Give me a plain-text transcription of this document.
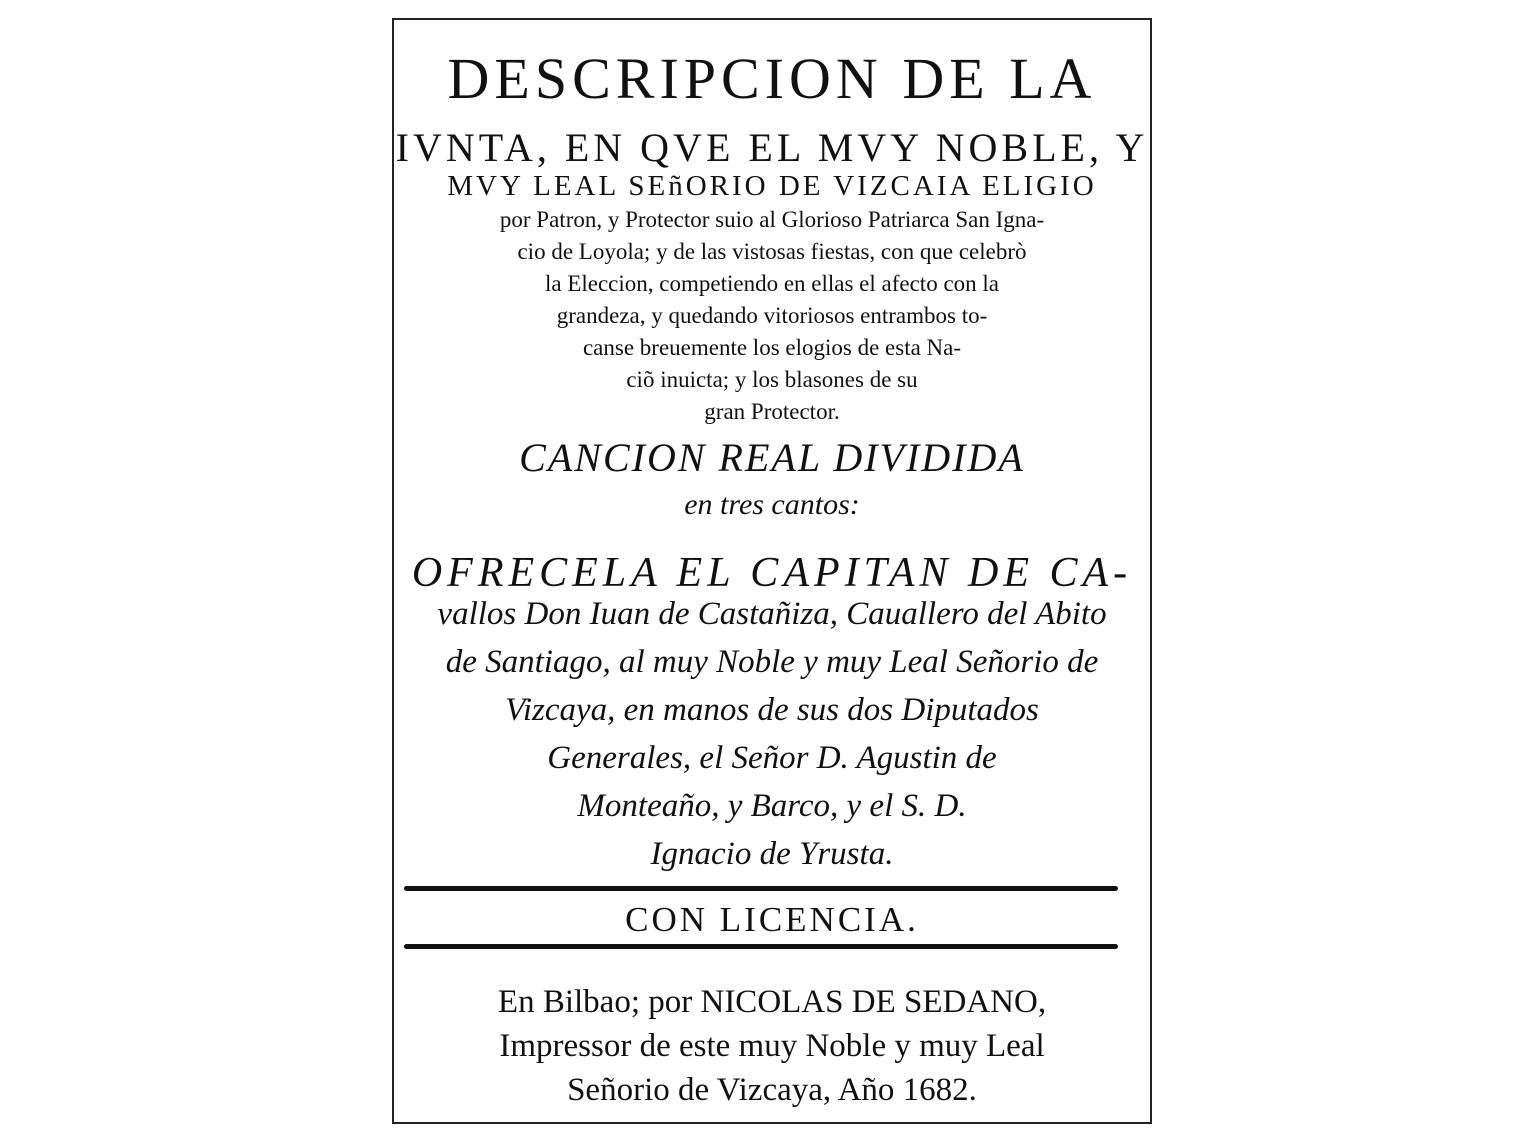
DESCRIPCION DE LA
IVNTA, EN QVE EL MVY NOBLE, Y
MVY LEAL SEñORIO DE VIZCAIA ELIGIO
por Patron, y Protector suio al Glorioso Patriarca San Igna-
cio de Loyola; y de las vistosas fiestas, con que celebrò
la Eleccion, competiendo en ellas el afecto con la
grandeza, y quedando vitoriosos entrambos to-
canse breuemente los elogios de esta Na-
ciõ inuicta; y los blasones de su
gran Protector.
CANCION REAL DIVIDIDA
en tres cantos:
OFRECELA EL CAPITAN DE CA-
vallos Don Iuan de Castañiza, Cauallero del Abito
de Santiago, al muy Noble y muy Leal Señorio de
Vizcaya, en manos de sus dos Diputados
Generales, el Señor D. Agustin de
Monteaño, y Barco, y el S. D.
Ignacio de Yrusta.
CON LICENCIA.
En Bilbao; por NICOLAS DE SEDANO,
Impressor de este muy Noble y muy Leal
Señorio de Vizcaya, Año 1682.
